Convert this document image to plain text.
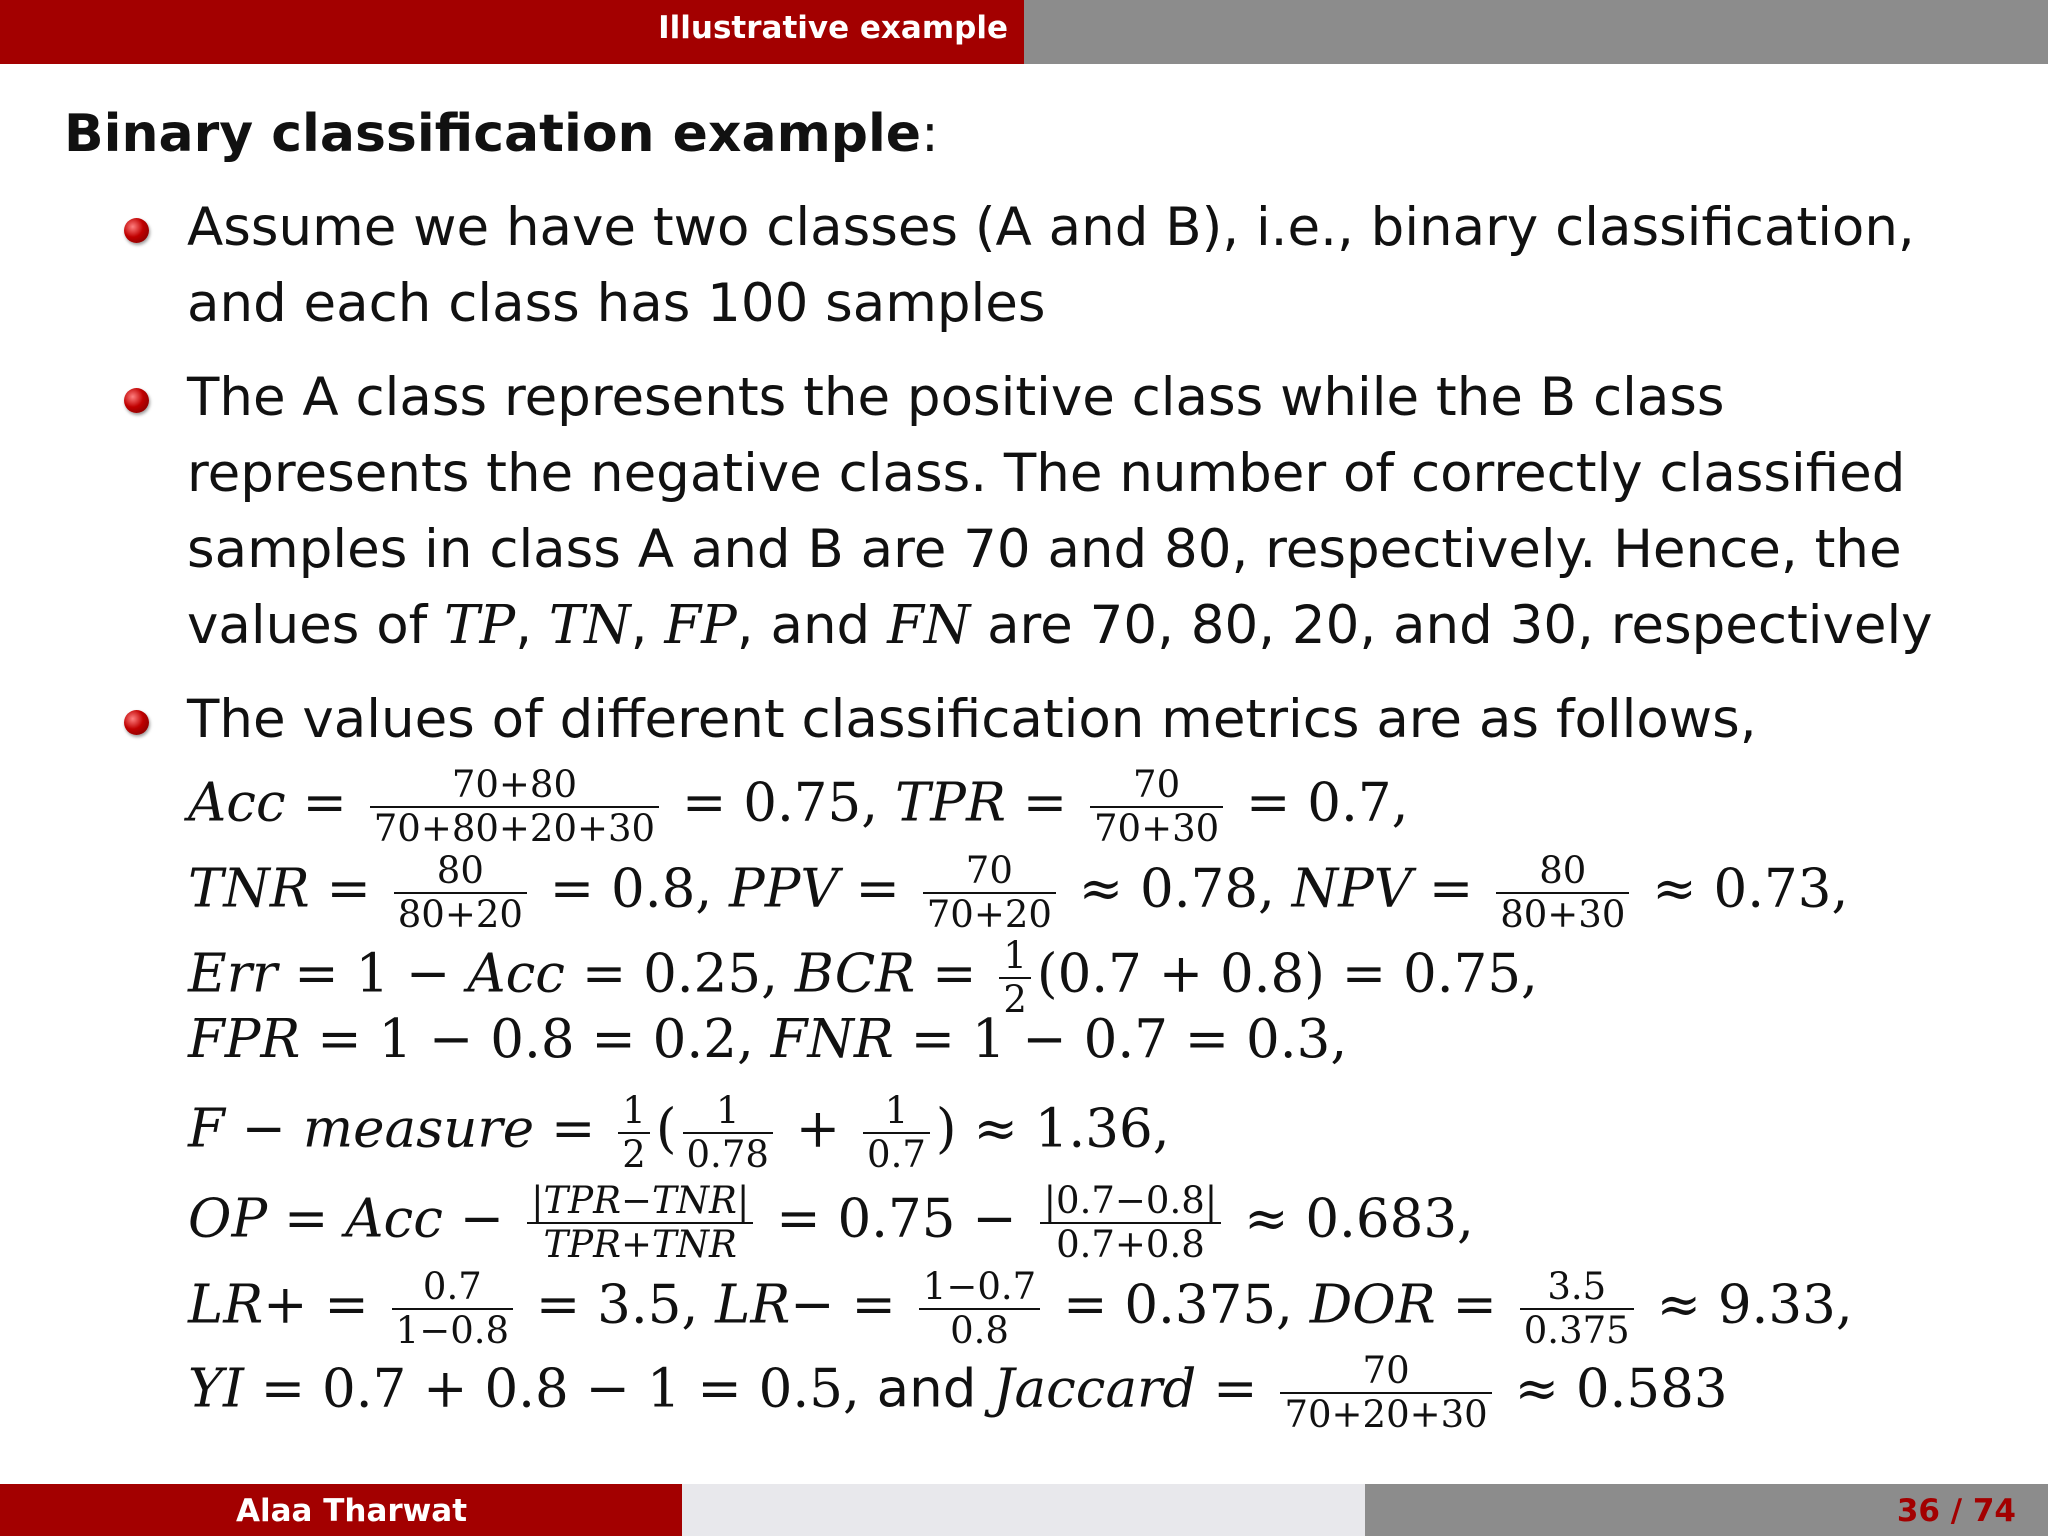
Illustrative example
Binary classification example:
Assume we have two classes (A and B), i.e., binary classification, and each class has 100 samples
The A class represents the positive class while the B class represents the negative class. The number of correctly classified samples in class A and B are 70 and 80, respectively. Hence, the values of TP, TN, FP, and FN are 70, 80, 20, and 30, respectively
The values of different classification metrics are as follows,
Acc = $\frac{70+80}{70+80+20+30} = 0.75$, TPR = $\frac{70}{70+30} = 0.7$,
TNR = $\frac{80}{80+20} = 0.8$, PPV = $\frac{70}{70+20} \approx 0.78$, NPV = $\frac{80}{80+30} \approx 0.73$,
Err = 1 − Acc = 0.25, BCR = $\frac{1}{2} (0.7 + 0.8) = 0.75$,
FPR = 1 − 0.8 = 0.2, FNR = 1 − 0.7 = 0.3,
F − measure = $\frac{1}{2}$ ( $\frac{1}{0.78} + \frac{1}{0.7}$ ) ≈ 1.36,
OP = Acc − $\frac{\text{|TPR−TNR|}}{\text{TPR+TNR}} = 0.75 - \frac{|0.7-0.8|}{0.7+0.8} \approx 0.683$,
$LR+ = \frac{0.7}{1-0.8} = 3.5$, $LR- = \frac{1-0.7}{0.8} = 0.375$, DOR = $\frac{3.5}{0.375} \approx 9.33$,
YI = 0.7 + 0.8 − 1 = 0.5, and Jaccard = $\frac{70}{70+20+30} \approx 0.583$
Alaa Tharwat	36 / 74
